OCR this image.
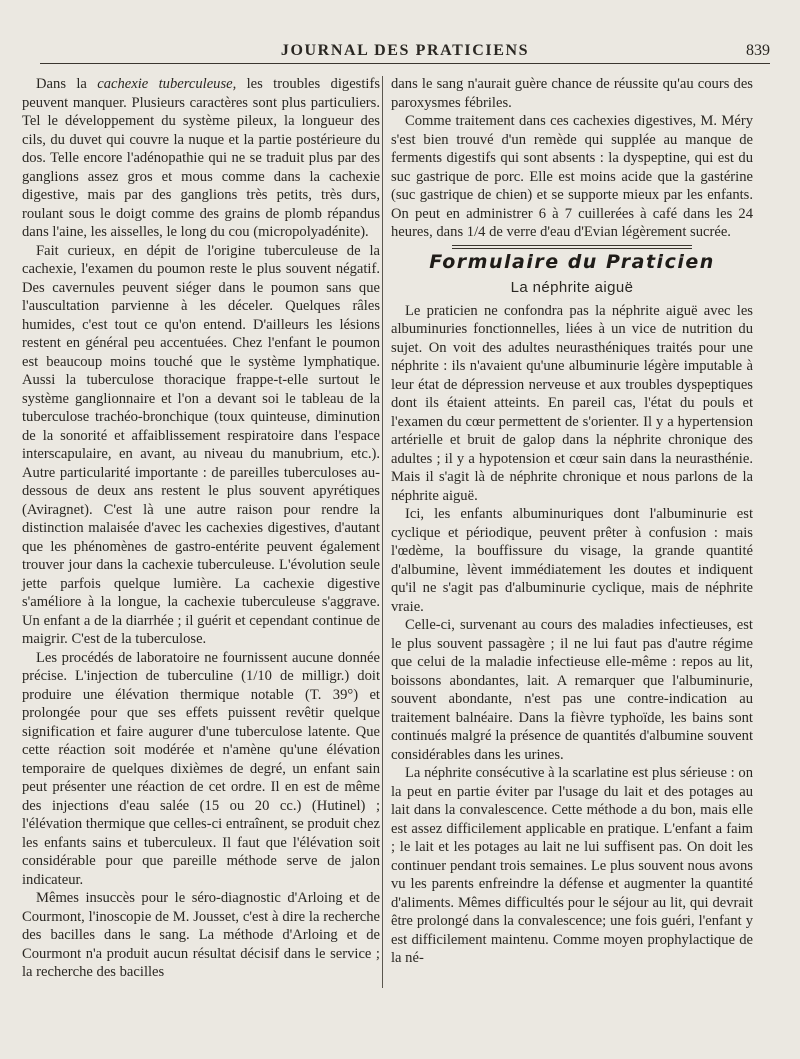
JOURNAL DES PRATICIENS	839

Dans la cachexie tuberculeuse, les troubles digestifs peuvent manquer. Plusieurs caractères sont plus particuliers. Tel le développement du système pileux, la longueur des cils, du duvet qui couvre la nuque et la partie postérieure du dos. Telle encore l'adénopathie qui ne se traduit plus par des ganglions assez gros et mous comme dans la cachexie digestive, mais par des ganglions très petits, très durs, roulant sous le doigt comme des grains de plomb répandus dans l'aine, les aisselles, le long du cou (micropolyadénite).

Fait curieux, en dépit de l'origine tuberculeuse de la cachexie, l'examen du poumon reste le plus souvent négatif. Des cavernules peuvent siéger dans le poumon sans que l'auscultation parvienne à les déceler. Quelques râles humides, c'est tout ce qu'on entend. D'ailleurs les lésions restent en général peu accentuées. Chez l'enfant le poumon est beaucoup moins touché que le système lymphatique. Aussi la tuberculose thoracique frappe-t-elle surtout le système ganglionnaire et l'on a devant soi le tableau de la tuberculose trachéo-bronchique (toux quinteuse, diminution de la sonorité et affaiblissement respiratoire dans l'espace interscapulaire, en avant, au niveau du manubrium, etc.). Autre particularité importante : de pareilles tuberculoses au-dessous de deux ans restent le plus souvent apyrétiques (Aviragnet). C'est là une autre raison pour rendre la distinction malaisée d'avec les cachexies digestives, d'autant que les phénomènes de gastro-entérite peuvent également trouver jour dans la cachexie tuberculeuse. L'évolution seule jette parfois quelque lumière. La cachexie digestive s'améliore à la longue, la cachexie tuberculeuse s'aggrave. Un enfant a de la diarrhée ; il guérit et cependant continue de maigrir. C'est de la tuberculose.

Les procédés de laboratoire ne fournissent aucune donnée précise. L'injection de tuberculine (1/10 de milligr.) doit produire une élévation thermique notable (T. 39°) et prolongée pour que ses effets puissent revêtir quelque signification et faire augurer d'une tuberculose latente. Que cette réaction soit modérée et n'amène qu'une élévation temporaire de quelques dixièmes de degré, un enfant sain peut présenter une réaction de cet ordre. Il en est de même des injections d'eau salée (15 ou 20 cc.) (Hutinel) ; l'élévation thermique que celles-ci entraînent, se produit chez les enfants sains et tuberculeux. Il faut que l'élévation soit considérable pour que pareille méthode serve de jalon indicateur.

Mêmes insuccès pour le séro-diagnostic d'Arloing et de Courmont, l'inoscopie de M. Jousset, c'est à dire la recherche des bacilles dans le sang. La méthode d'Arloing et de Courmont n'a produit aucun résultat décisif dans le service ; la recherche des bacilles

dans le sang n'aurait guère chance de réussite qu'au cours des paroxysmes fébriles.

Comme traitement dans ces cachexies digestives, M. Méry s'est bien trouvé d'un remède qui supplée au manque de ferments digestifs qui sont absents : la dyspeptine, qui est du suc gastrique de porc. Elle est moins acide que la gastérine (suc gastrique de chien) et se supporte mieux par les enfants. On peut en administrer 6 à 7 cuillerées à café dans les 24 heures, dans 1/4 de verre d'eau d'Evian légèrement sucrée.

Formulaire du Praticien
La néphrite aiguë

Le praticien ne confondra pas la néphrite aiguë avec les albuminuries fonctionnelles, liées à un vice de nutrition du sujet. On voit des adultes neurasthéniques traités pour une néphrite : ils n'avaient qu'une albuminurie légère imputable à leur état de dépression nerveuse et aux troubles dyspeptiques dont ils étaient atteints. En pareil cas, l'état du pouls et l'examen du cœur permettent de s'orienter. Il y a hypertension artérielle et bruit de galop dans la néphrite chronique des adultes ; il y a hypotension et cœur sain dans la neurasthénie. Mais il s'agit là de néphrite chronique et nous parlons de la néphrite aiguë.

Ici, les enfants albuminuriques dont l'albuminurie est cyclique et périodique, peuvent prêter à confusion : mais l'œdème, la bouffissure du visage, la grande quantité d'albumine, lèvent immédiatement les doutes et indiquent qu'il ne s'agit pas d'albuminurie cyclique, mais de néphrite vraie.

Celle-ci, survenant au cours des maladies infectieuses, est le plus souvent passagère ; il ne lui faut pas d'autre régime que celui de la maladie infectieuse elle-même : repos au lit, boissons abondantes, lait. A remarquer que l'albuminurie, souvent abondante, n'est pas une contre-indication au traitement balnéaire. Dans la fièvre typhoïde, les bains sont continués malgré la présence de quantités d'albumine souvent considérables dans les urines.

La néphrite consécutive à la scarlatine est plus sérieuse : on la peut en partie éviter par l'usage du lait et des potages au lait dans la convalescence. Cette méthode a du bon, mais elle est assez difficilement applicable en pratique. L'enfant a faim ; le lait et les potages au lait ne lui suffisent pas. On doit les continuer pendant trois semaines. Le plus souvent nous avons vu les parents enfreindre la défense et augmenter la quantité d'aliments. Mêmes difficultés pour le séjour au lit, qui devrait être prolongé dans la convalescence; une fois guéri, l'enfant y est difficilement maintenu. Comme moyen prophylactique de la né-
